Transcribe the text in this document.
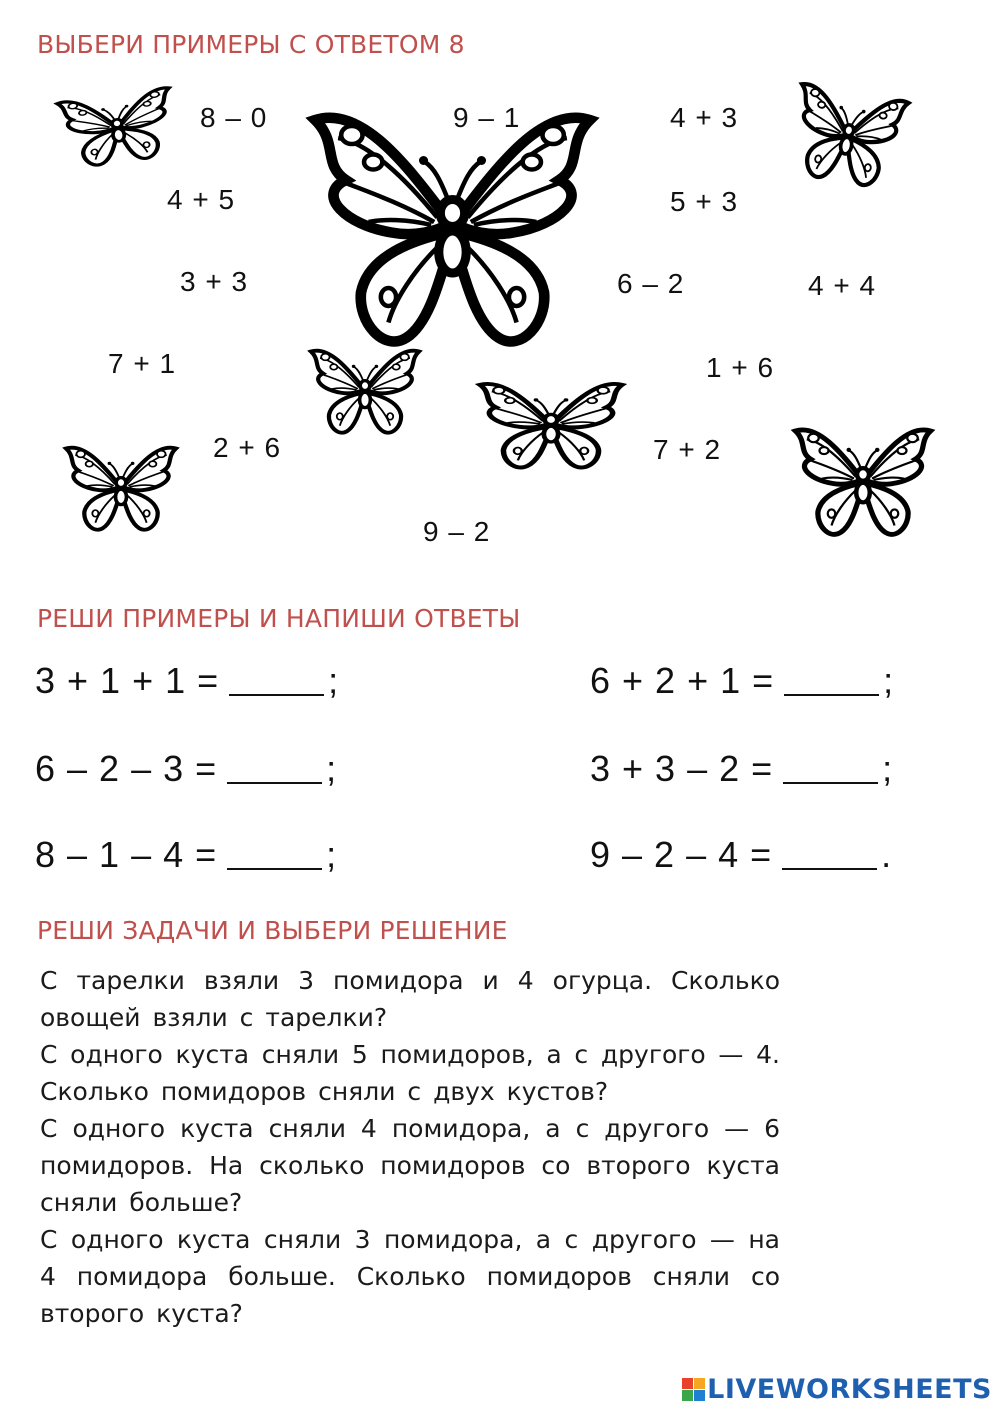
ВЫБЕРИ ПРИМЕРЫ С ОТВЕТОМ 8
8 – 0	9 – 1	4 + 3
4 + 5	5 + 3
3 + 3	6 – 2	4 + 4
7 + 1	1 + 6
2 + 6	7 + 2
9 – 2
РЕШИ ПРИМЕРЫ И НАПИШИ ОТВЕТЫ
3 + 1 + 1 =	;	6 + 2 + 1 =	;
6 – 2 – 3 =	;	3 + 3 – 2 =	;
8 – 1 – 4 =	;	9 – 2 – 4 =	.
РЕШИ ЗАДАЧИ И ВЫБЕРИ РЕШЕНИЕ

С тарелки взяли 3 помидора и 4 огурца. Сколько овощей взяли с тарелки?

С одного куста сняли 5 помидоров, а с другого — 4. Сколько помидоров сняли с двух кустов?

С одного куста сняли 4 помидора, а с другого — 6 помидоров. На сколько помидоров со второго куста сняли больше?

С одного куста сняли 3 помидора, а с другого — на 4 помидора больше. Сколько помидоров сняли со второго куста?

LIVEWORKSHEETS
